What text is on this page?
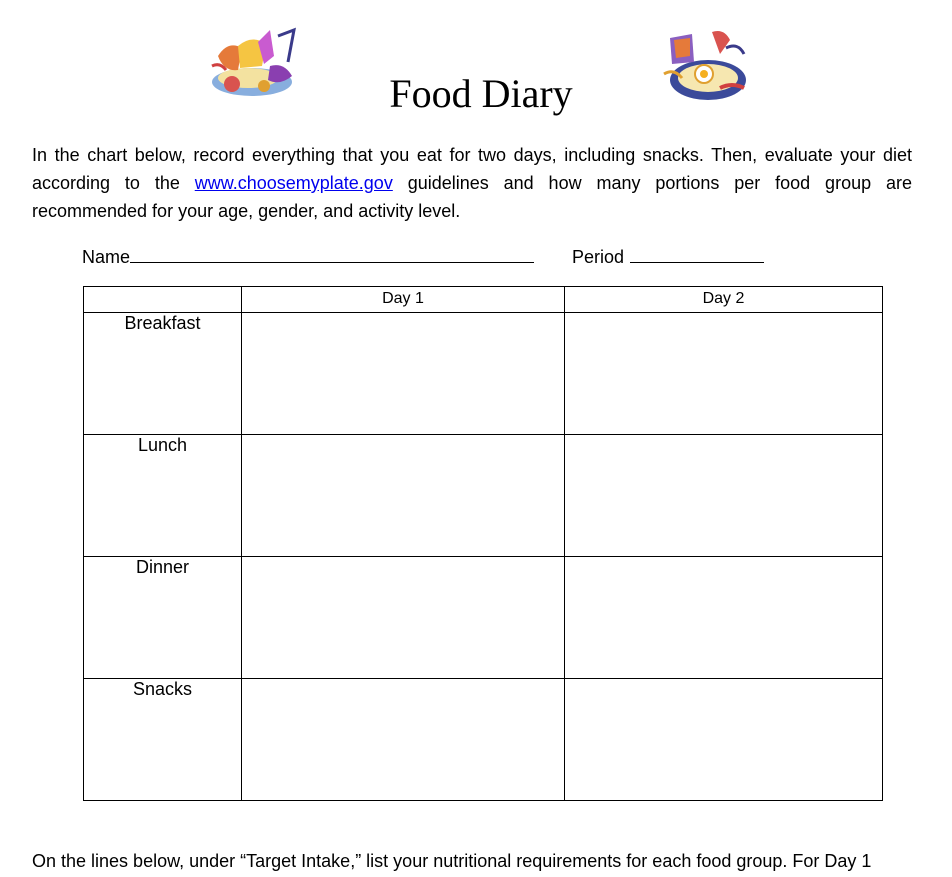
Food Diary
In the chart below, record everything that you eat for two days, including snacks. Then, evaluate your diet according to the www.choosemyplate.gov guidelines and how many portions per food group are recommended for your age, gender, and activity level.
Name	Period
	Day 1	Day 2
Breakfast		
Lunch		
Dinner		
Snacks		
On the lines below, under “Target Intake,” list your nutritional requirements for each food group. For Day 1
